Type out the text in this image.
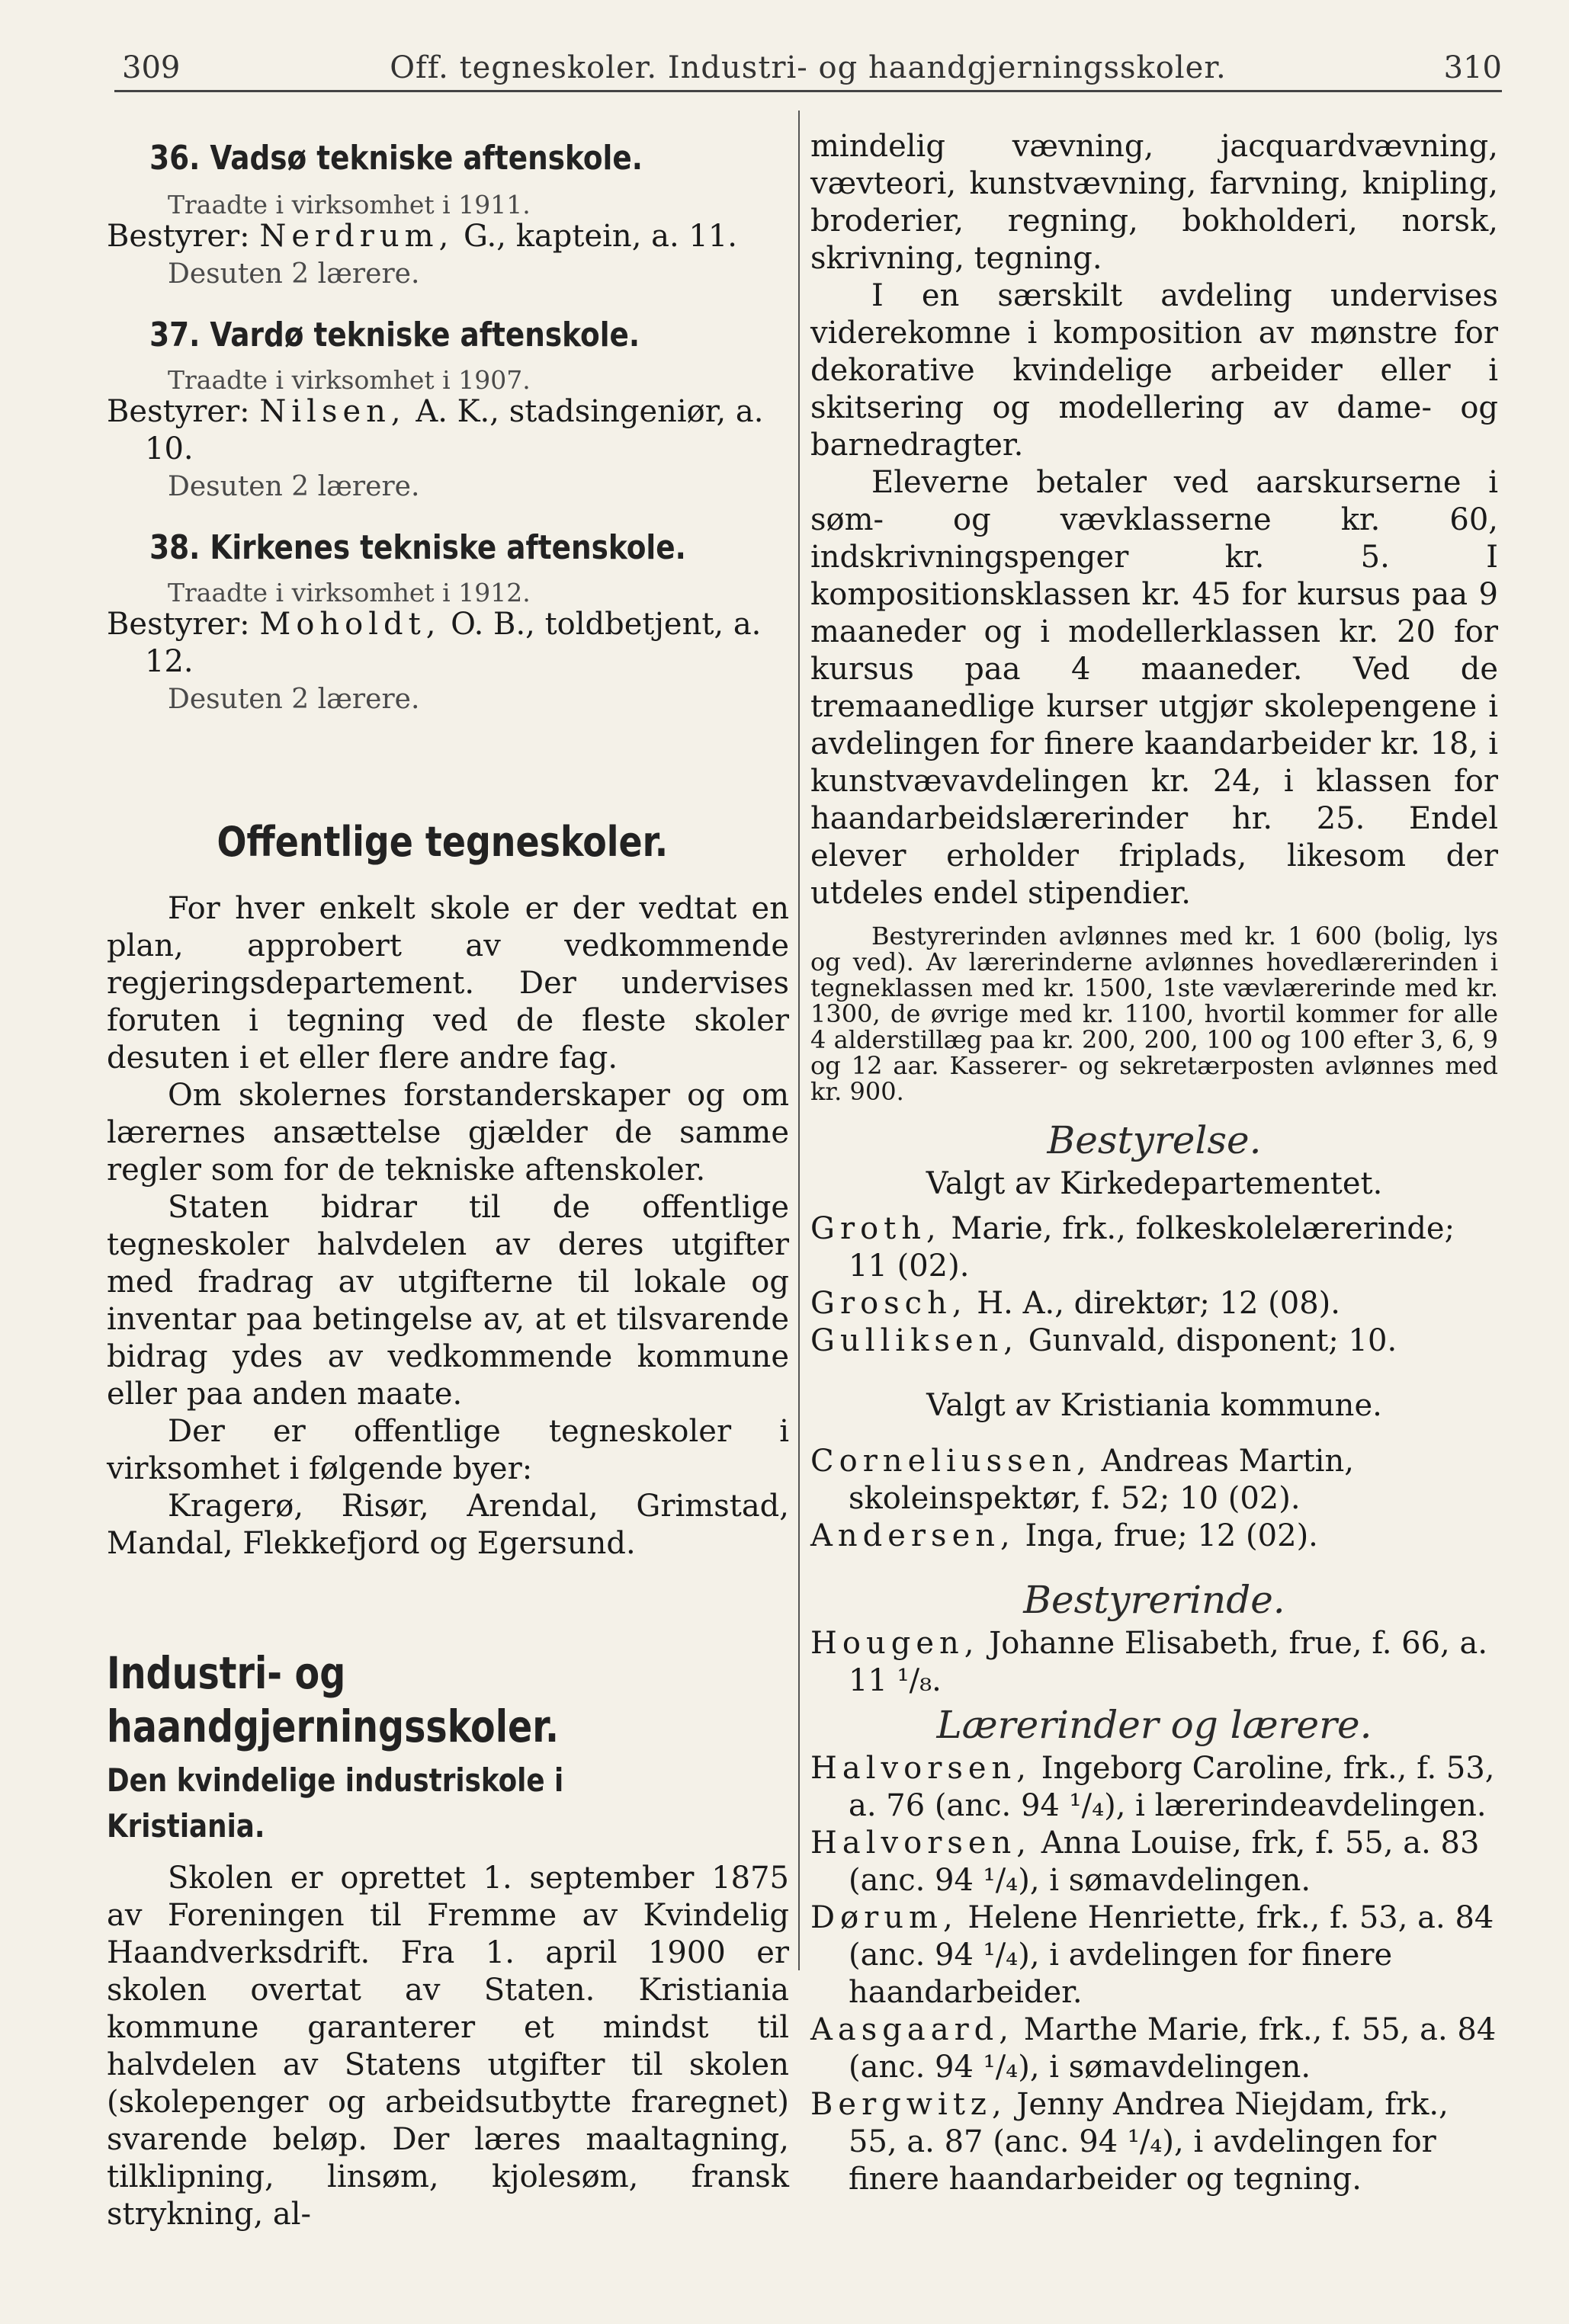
309	Off. tegneskoler. Industri- og haandgjerningsskoler.	310
36. Vadsø tekniske aftenskole.

Traadte i virksomhet i 1911.

Bestyrer: Nerdrum, G., kaptein, a. 11.

Desuten 2 lærere.

37. Vardø tekniske aftenskole.

Traadte i virksomhet i 1907.

Bestyrer: Nilsen, A. K., stadsingeniør, a. 10.

Desuten 2 lærere.

38. Kirkenes tekniske aftenskole.

Traadte i virksomhet i 1912.

Bestyrer: Moholdt, O. B., toldbetjent, a. 12.

Desuten 2 lærere.

Offentlige tegneskoler.

For hver enkelt skole er der vedtat en plan, approbert av vedkommende regjeringsdepartement. Der undervises foruten i tegning ved de fleste skoler desuten i et eller flere andre fag.

Om skolernes forstanderskaper og om lærernes ansættelse gjælder de samme regler som for de tekniske aftenskoler.

Staten bidrar til de offentlige tegneskoler halvdelen av deres utgifter med fradrag av utgifterne til lokale og inventar paa betingelse av, at et tilsvarende bidrag ydes av vedkommende kommune eller paa anden maate.

Der er offentlige tegneskoler i virksomhet i følgende byer:

Kragerø, Risør, Arendal, Grimstad, Mandal, Flekkefjord og Egersund.

Industri- og haandgjerningsskoler.
Den kvindelige industriskole i Kristiania.

Skolen er oprettet 1. september 1875 av Foreningen til Fremme av Kvindelig Haandverksdrift. Fra 1. april 1900 er skolen overtat av Staten. Kristiania kommune garanterer et mindst til halvdelen av Statens utgifter til skolen (skolepenger og arbeidsutbytte fraregnet) svarende beløp. Der læres maaltagning, tilklipning, linsøm, kjolesøm, fransk strykning, al-

mindelig vævning, jacquardvævning, vævteori, kunstvævning, farvning, knipling, broderier, regning, bokholderi, norsk, skrivning, tegning.

I en særskilt avdeling undervises viderekomne i komposition av mønstre for dekorative kvindelige arbeider eller i skitsering og modellering av dame- og barnedragter.

Eleverne betaler ved aarskurserne i søm- og vævklasserne kr. 60, indskrivningspenger kr. 5. I kompositionsklassen kr. 45 for kursus paa 9 maaneder og i modellerklassen kr. 20 for kursus paa 4 maaneder. Ved de tremaanedlige kurser utgjør skolepengene i avdelingen for finere kaandarbeider kr. 18, i kunstvævavdelingen kr. 24, i klassen for haandarbeidslærerinder hr. 25. Endel elever erholder friplads, likesom der utdeles endel stipendier.

Bestyrerinden avlønnes med kr. 1 600 (bolig, lys og ved). Av lærerinderne avlønnes hovedlærerinden i tegneklassen med kr. 1500, 1ste vævlærerinde med kr. 1300, de øvrige med kr. 1100, hvortil kommer for alle 4 alderstillæg paa kr. 200, 200, 100 og 100 efter 3, 6, 9 og 12 aar. Kasserer- og sekretærposten avlønnes med kr. 900.

Bestyrelse.

Valgt av Kirkedepartementet.

Groth, Marie, frk., folkeskolelærerinde; 11 (02).

Grosch, H. A., direktør; 12 (08).

Gulliksen, Gunvald, disponent; 10.

Valgt av Kristiania kommune.

Corneliussen, Andreas Martin, skoleinspektør, f. 52; 10 (02).

Andersen, Inga, frue; 12 (02).

Bestyrerinde.

Hougen, Johanne Elisabeth, frue, f. 66, a. 11 ¹/₈.

Lærerinder og lærere.

Halvorsen, Ingeborg Caroline, frk., f. 53, a. 76 (anc. 94 ¹/₄), i lærerindeavdelingen.

Halvorsen, Anna Louise, frk, f. 55, a. 83 (anc. 94 ¹/₄), i sømavdelingen.

Dørum, Helene Henriette, frk., f. 53, a. 84 (anc. 94 ¹/₄), i avdelingen for finere haandarbeider.

Aasgaard, Marthe Marie, frk., f. 55, a. 84 (anc. 94 ¹/₄), i sømavdelingen.

Bergwitz, Jenny Andrea Niejdam, frk., 55, a. 87 (anc. 94 ¹/₄), i avdelingen for finere haandarbeider og tegning.
